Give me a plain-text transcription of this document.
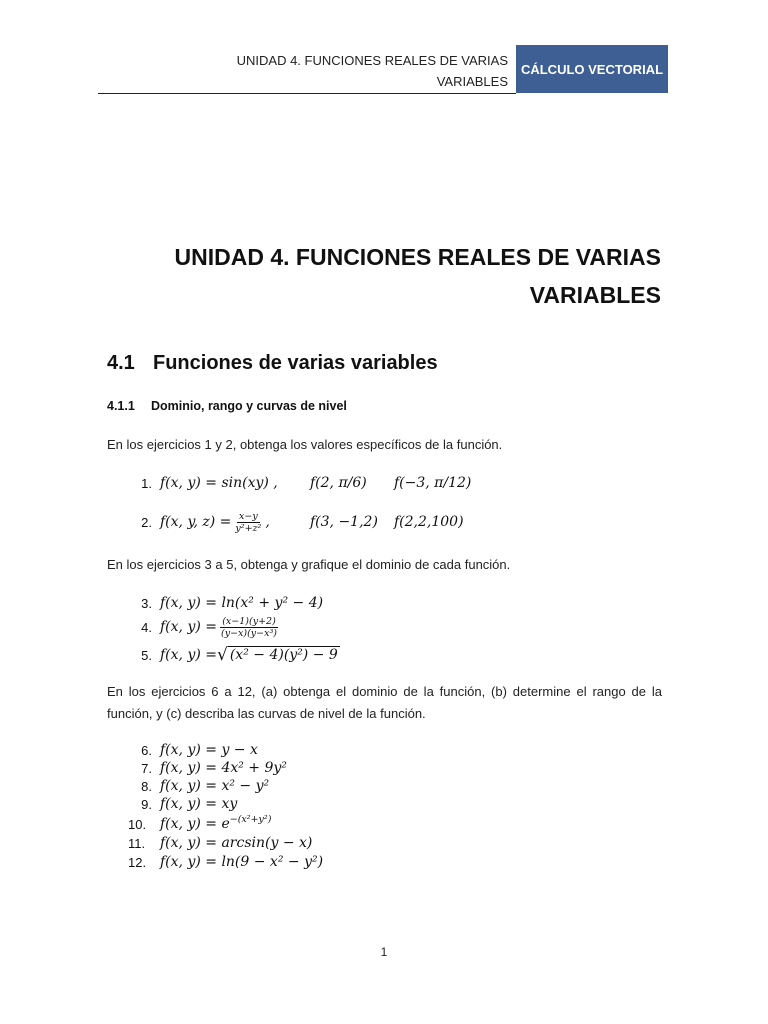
UNIDAD 4. FUNCIONES REALES DE VARIAS
VARIABLES
CÁLCULO VECTORIAL
UNIDAD 4. FUNCIONES REALES DE VARIAS
VARIABLES
4.1 Funciones de varias variables
4.1.1 Dominio, rango y curvas de nivel
En los ejercicios 1 y 2, obtenga los valores específicos de la función.
1. f(x, y) = sin(xy) ,	f(2, π/6)	f(−3, π/12)
2. f(x, y, $z) = \frac{x-y}{\text{y²+z²}}$ ,	f(3, −1,2)	f(2,2,100)
En los ejercicios 3 a 5, obtenga y grafique el dominio de cada función.
3. f(x, y) = ln(x² + y² − 4)
4. f(x, $y) = \frac{(x-1)(y+2)}{\text{(y−x)(y−x³)}}$
5. f(x, y) = √ (x² − 4)(y²) − 9
En los ejercicios 6 a 12, (a) obtenga el dominio de la función, (b) determine el rango de la función, y (c) describa las curvas de nivel de la función.
6. f(x, y) = y − x
7. f(x, y) = 4x² + 9y²
8. f(x, y) = x² − y²
9. f(x, y) = xy
10. f(x, $y) = e^{-(x^2+y^2)}$
11.	f(x, y) = arcsin(y − x)
12. f(x, y) = ln(9 − x² − y²)
1
